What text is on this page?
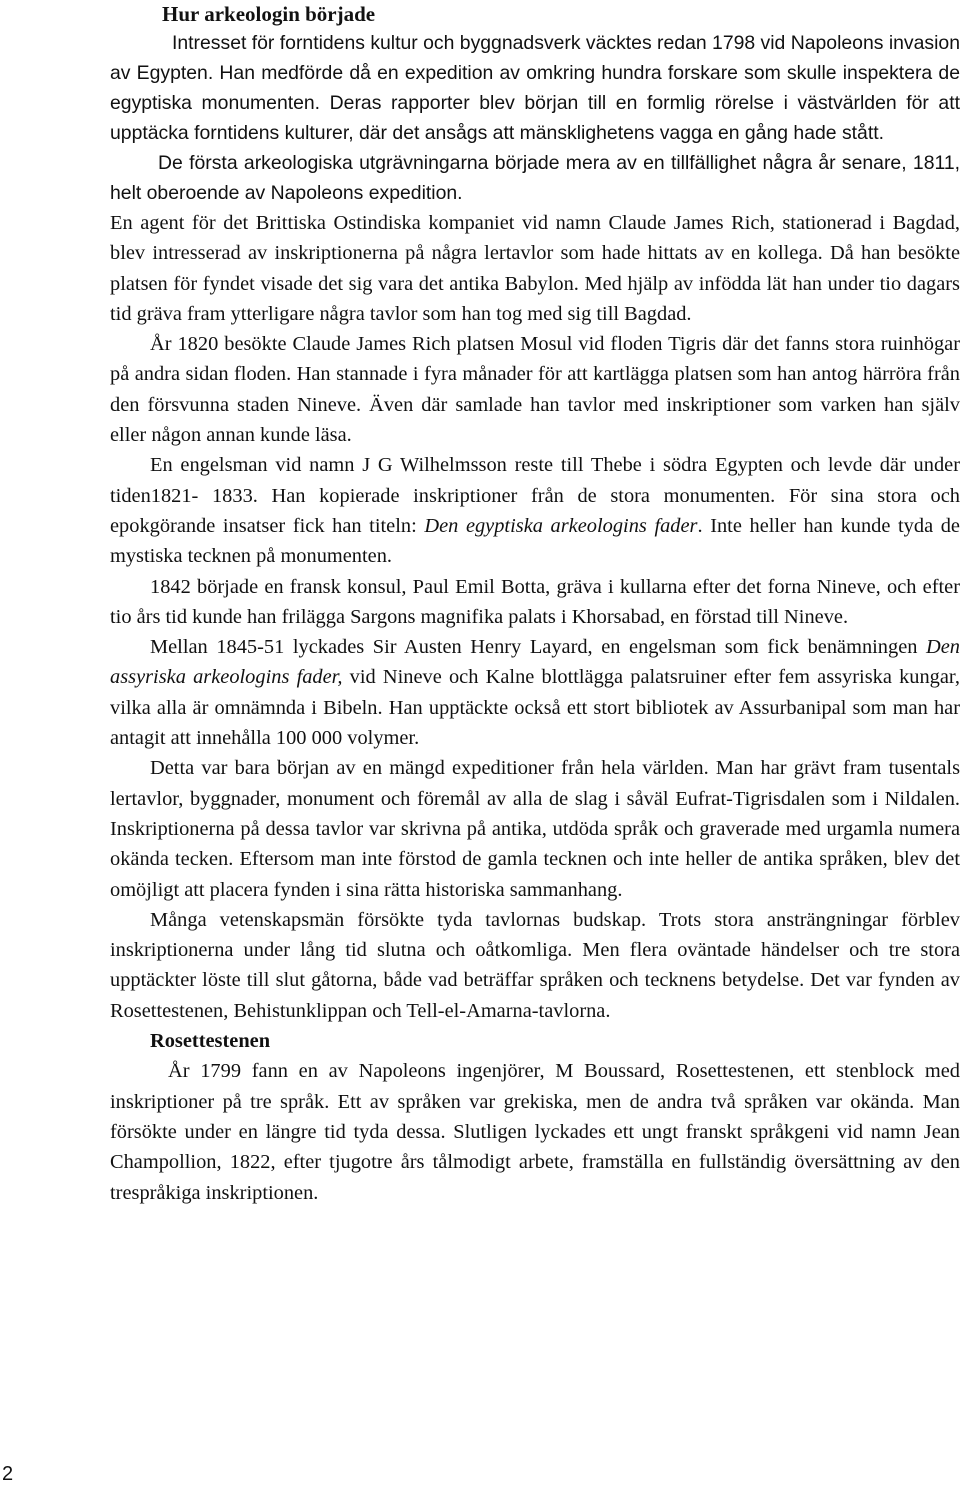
Hur arkeologin började

Intresset för forntidens kultur och byggnadsverk väcktes redan 1798 vid Napoleons invasion av Egypten. Han medförde då en expedition av omkring hundra forskare som skulle inspektera de egyptiska monumenten. Deras rapporter blev början till en formlig rörelse i västvärlden för att upptäcka forntidens kulturer, där det ansågs att mänsklighetens vagga en gång hade stått.

De första arkeologiska utgrävningarna började mera av en tillfällighet några år senare, 1811, helt oberoende av Napoleons expedition.

En agent för det Brittiska Ostindiska kompaniet vid namn Claude James Rich, stationerad i Bagdad, blev intresserad av inskriptionerna på några lertavlor som hade hittats av en kollega. Då han besökte platsen för fyndet visade det sig vara det antika Babylon. Med hjälp av infödda lät han under tio dagars tid gräva fram ytterligare några tavlor som han tog med sig till Bagdad.

År 1820 besökte Claude James Rich platsen Mosul vid floden Tigris där det fanns stora ruinhögar på andra sidan floden. Han stannade i fyra månader för att kartlägga platsen som han antog härröra från den försvunna staden Nineve. Även där samlade han tavlor med inskriptioner som varken han själv eller någon annan kunde läsa.

En engelsman vid namn J G Wilhelmsson reste till Thebe i södra Egypten och levde där under tiden1821- 1833. Han kopierade inskriptioner från de stora monumenten. För sina stora och epokgörande insatser fick han titeln: Den egyptiska arkeologins fader. Inte heller han kunde tyda de mystiska tecknen på monumenten.

1842 började en fransk konsul, Paul Emil Botta, gräva i kullarna efter det forna Nineve, och efter tio års tid kunde han frilägga Sargons magnifika palats i Khorsabad, en förstad till Nineve.

Mellan 1845-51 lyckades Sir Austen Henry Layard, en engelsman som fick benämningen Den assyriska arkeologins fader, vid Nineve och Kalne blottlägga palatsruiner efter fem assyriska kungar, vilka alla är omnämnda i Bibeln. Han upptäckte också ett stort bibliotek av Assurbanipal som man har antagit att innehålla 100 000 volymer.

Detta var bara början av en mängd expeditioner från hela världen. Man har grävt fram tusentals lertavlor, byggnader, monument och föremål av alla de slag i såväl Eufrat-Tigrisdalen som i Nildalen. Inskriptionerna på dessa tavlor var skrivna på antika, utdöda språk och graverade med urgamla numera okända tecken. Eftersom man inte förstod de gamla tecknen och inte heller de antika språken, blev det omöjligt att placera fynden i sina rätta historiska sammanhang.

Många vetenskapsmän försökte tyda tavlornas budskap. Trots stora ansträngningar förblev inskriptionerna under lång tid slutna och oåtkomliga. Men flera oväntade händelser och tre stora upptäckter löste till slut gåtorna, både vad beträffar språken och tecknens betydelse. Det var fynden av Rosettestenen, Behistunklippan och Tell-el-Amarna-tavlorna.

Rosettestenen

År 1799 fann en av Napoleons ingenjörer, M Boussard, Rosettestenen, ett stenblock med inskriptioner på tre språk. Ett av språken var grekiska, men de andra två språken var okända. Man försökte under en längre tid tyda dessa. Slutligen lyckades ett ungt franskt språkgeni vid namn Jean Champollion, 1822, efter tjugotre års tålmodigt arbete, framställa en fullständig översättning av den trespråkiga inskriptionen.

2
